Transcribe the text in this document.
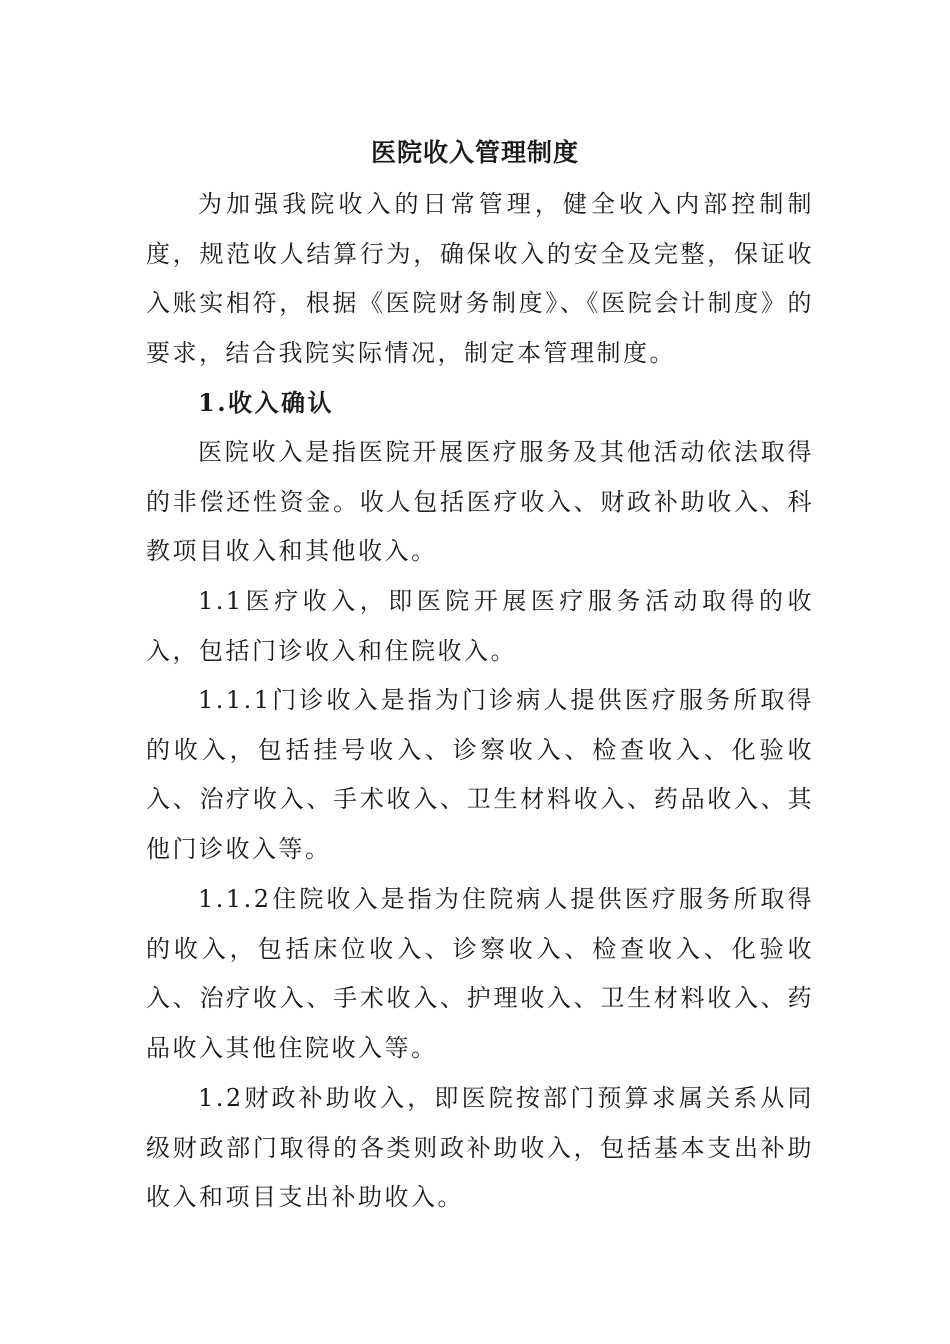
医院收入管理制度

为加强我院收入的日常管理，健全收入内部控制制度，规范收人结算行为，确保收入的安全及完整，保证收入账实相符，根据《医院财务制度》、《医院会计制度》的要求，结合我院实际情况，制定本管理制度。

1.收入确认

医院收入是指医院开展医疗服务及其他活动依法取得的非偿还性资金。收人包括医疗收入、财政补助收入、科教项目收入和其他收入。

1.1医疗收入，即医院开展医疗服务活动取得的收入，包括门诊收入和住院收入。

1.1.1门诊收入是指为门诊病人提供医疗服务所取得的收入，包括挂号收入、诊察收入、检查收入、化验收入、治疗收入、手术收入、卫生材料收入、药品收入、其他门诊收入等。

1.1.2住院收入是指为住院病人提供医疗服务所取得的收入，包括床位收入、诊察收入、检查收入、化验收入、治疗收入、手术收入、护理收入、卫生材料收入、药品收入其他住院收入等。

1.2财政补助收入，即医院按部门预算求属关系从同级财政部门取得的各类则政补助收入，包括基本支出补助收入和项目支出补助收入。
